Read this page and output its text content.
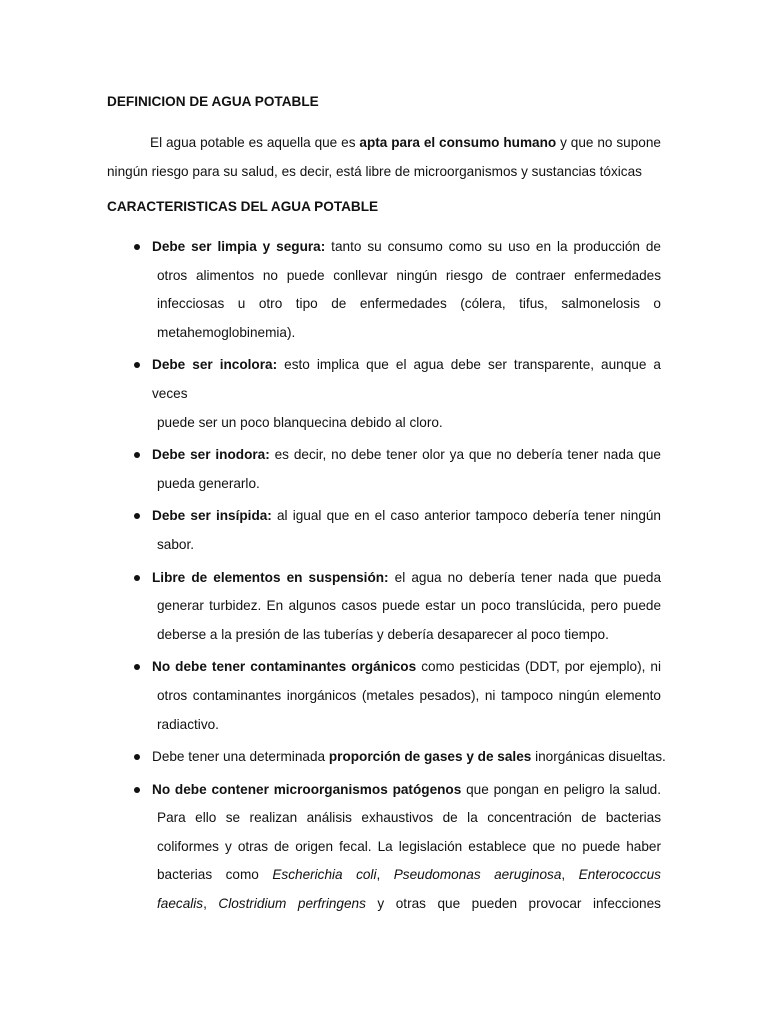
DEFINICION DE AGUA POTABLE
El agua potable es aquella que es apta para el consumo humano y que no supone
ningún riesgo para su salud, es decir, está libre de microorganismos y sustancias tóxicas
CARACTERISTICAS DEL AGUA POTABLE
Debe ser limpia y segura: tanto su consumo como su uso en la producción de
otros alimentos no puede conllevar ningún riesgo de contraer enfermedades
infecciosas u otro tipo de enfermedades (cólera, tifus, salmonelosis o
metahemoglobinemia).
Debe ser incolora: esto implica que el agua debe ser transparente, aunque a veces
puede ser un poco blanquecina debido al cloro.
Debe ser inodora: es decir, no debe tener olor ya que no debería tener nada que
pueda generarlo.
Debe ser insípida: al igual que en el caso anterior tampoco debería tener ningún
sabor.
Libre de elementos en suspensión: el agua no debería tener nada que pueda
generar turbidez. En algunos casos puede estar un poco translúcida, pero puede
deberse a la presión de las tuberías y debería desaparecer al poco tiempo.
No debe tener contaminantes orgánicos como pesticidas (DDT, por ejemplo), ni
otros contaminantes inorgánicos (metales pesados), ni tampoco ningún elemento
radiactivo.
Debe tener una determinada proporción de gases y de sales inorgánicas disueltas.
No debe contener microorganismos patógenos que pongan en peligro la salud.
Para ello se realizan análisis exhaustivos de la concentración de bacterias
coliformes y otras de origen fecal. La legislación establece que no puede haber
bacterias como Escherichia coli, Pseudomonas aeruginosa, Enterococcus
faecalis, Clostridium perfringens y otras que pueden provocar infecciones
